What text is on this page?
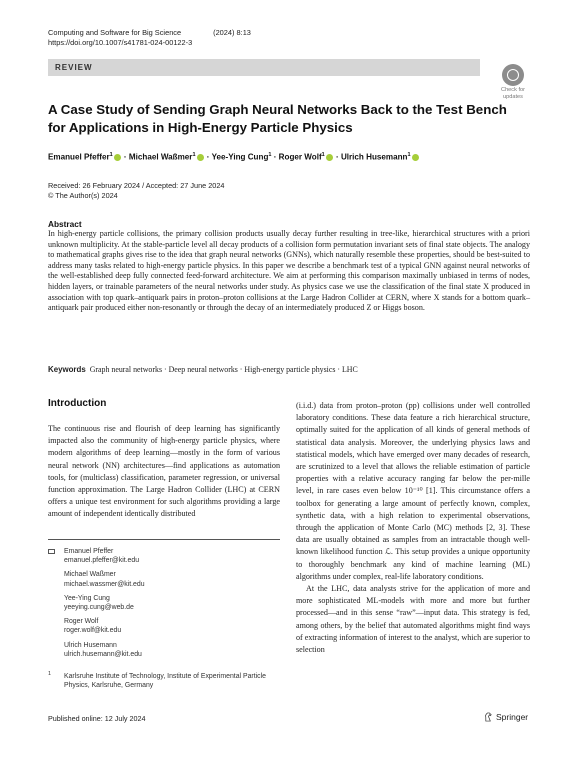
Computing and Software for Big Science	(2024) 8:13
https://doi.org/10.1007/s41781-024-00122-3
REVIEW
Check for
updates
A Case Study of Sending Graph Neural Networks Back to the Test Bench for Applications in High-Energy Particle Physics
Emanuel Pfeffer$^1$ · Michael Waßmer$^1$ · Yee-Ying Cung$^1$ · Roger Wolf$^1$ · Ulrich Husemann$^1$
Received: 26 February 2024 / Accepted: 27 June 2024
© The Author(s) 2024
Abstract
In high-energy particle collisions, the primary collision products usually decay further resulting in tree-like, hierarchical structures with a priori unknown multiplicity. At the stable-particle level all decay products of a collision form permutation invariant sets of final state objects. The analogy to mathematical graphs gives rise to the idea that graph neural networks (GNNs), which naturally resemble these properties, should be best-suited to address many tasks related to high-energy particle physics. In this paper we describe a benchmark test of a typical GNN against neural networks of the well-established deep fully connected feed-forward architecture. We aim at performing this comparison maximally unbiased in terms of nodes, hidden layers, or trainable parameters of the neural networks under study. As physics case we use the classification of the final state X produced in association with top quark–antiquark pairs in proton–proton collisions at the Large Hadron Collider at CERN, where X stands for a bottom quark–antiquark pair produced either non-resonantly or through the decay of an intermediately produced Z or Higgs boson.
Keywords Graph neural networks · Deep neural networks · High-energy particle physics · LHC
Introduction

The continuous rise and flourish of deep learning has significantly impacted also the community of high-energy particle physics, where modern algorithms of deep learning—mostly in the form of various neural network (NN) architectures—find applications as automation tools, for (multiclass) classification, parameter regression, or universal function approximation. The Large Hadron Collider (LHC) at CERN offers a unique test environment for such algorithms providing a large amount of independent identically distributed

Emanuel Pfeffer
emanuel.pfeffer@kit.edu
Michael Waßmer
michael.wassmer@kit.edu
Yee-Ying Cung
yeeying.cung@web.de
Roger Wolf
roger.wolf@kit.edu
Ulrich Husemann
ulrich.husemann@kit.edu
1 Karlsruhe Institute of Technology, Institute of Experimental Particle Physics, Karlsruhe, Germany

(i.i.d.) data from proton–proton (pp) collisions under well controlled laboratory conditions. These data feature a rich hierarchical structure, optimally suited for the application of all kinds of general methods of statistical data analysis. Moreover, the underlying physics laws and statistical models, which have emerged over many decades of research, are scrutinized to a level that allows the reliable estimation of particle properties with a relative accuracy ranging far below the per-mille level, in rare cases even below 10⁻¹⁰ [1]. This circumstance offers a toolbox for generating a large amount of perfectly known, complex, synthetic data, with a high relation to experimental observations, through the application of Monte Carlo (MC) methods [2, 3]. These data are usually obtained as samples from an intractable though well-known likelihood function ℒ. This setup provides a unique opportunity to thoroughly benchmark any kind of machine learning (ML) algorithms under complex, real-life laboratory conditions.

At the LHC, data analysts strive for the application of more and more sophisticated ML-models with more and more but further processed—and in this sense “raw”—input data. This strategy is fed, among others, by the belief that automated algorithms might find ways of extracting information of interest to the analyst, which are superior to selection

Published online: 12 July 2024	Springer
